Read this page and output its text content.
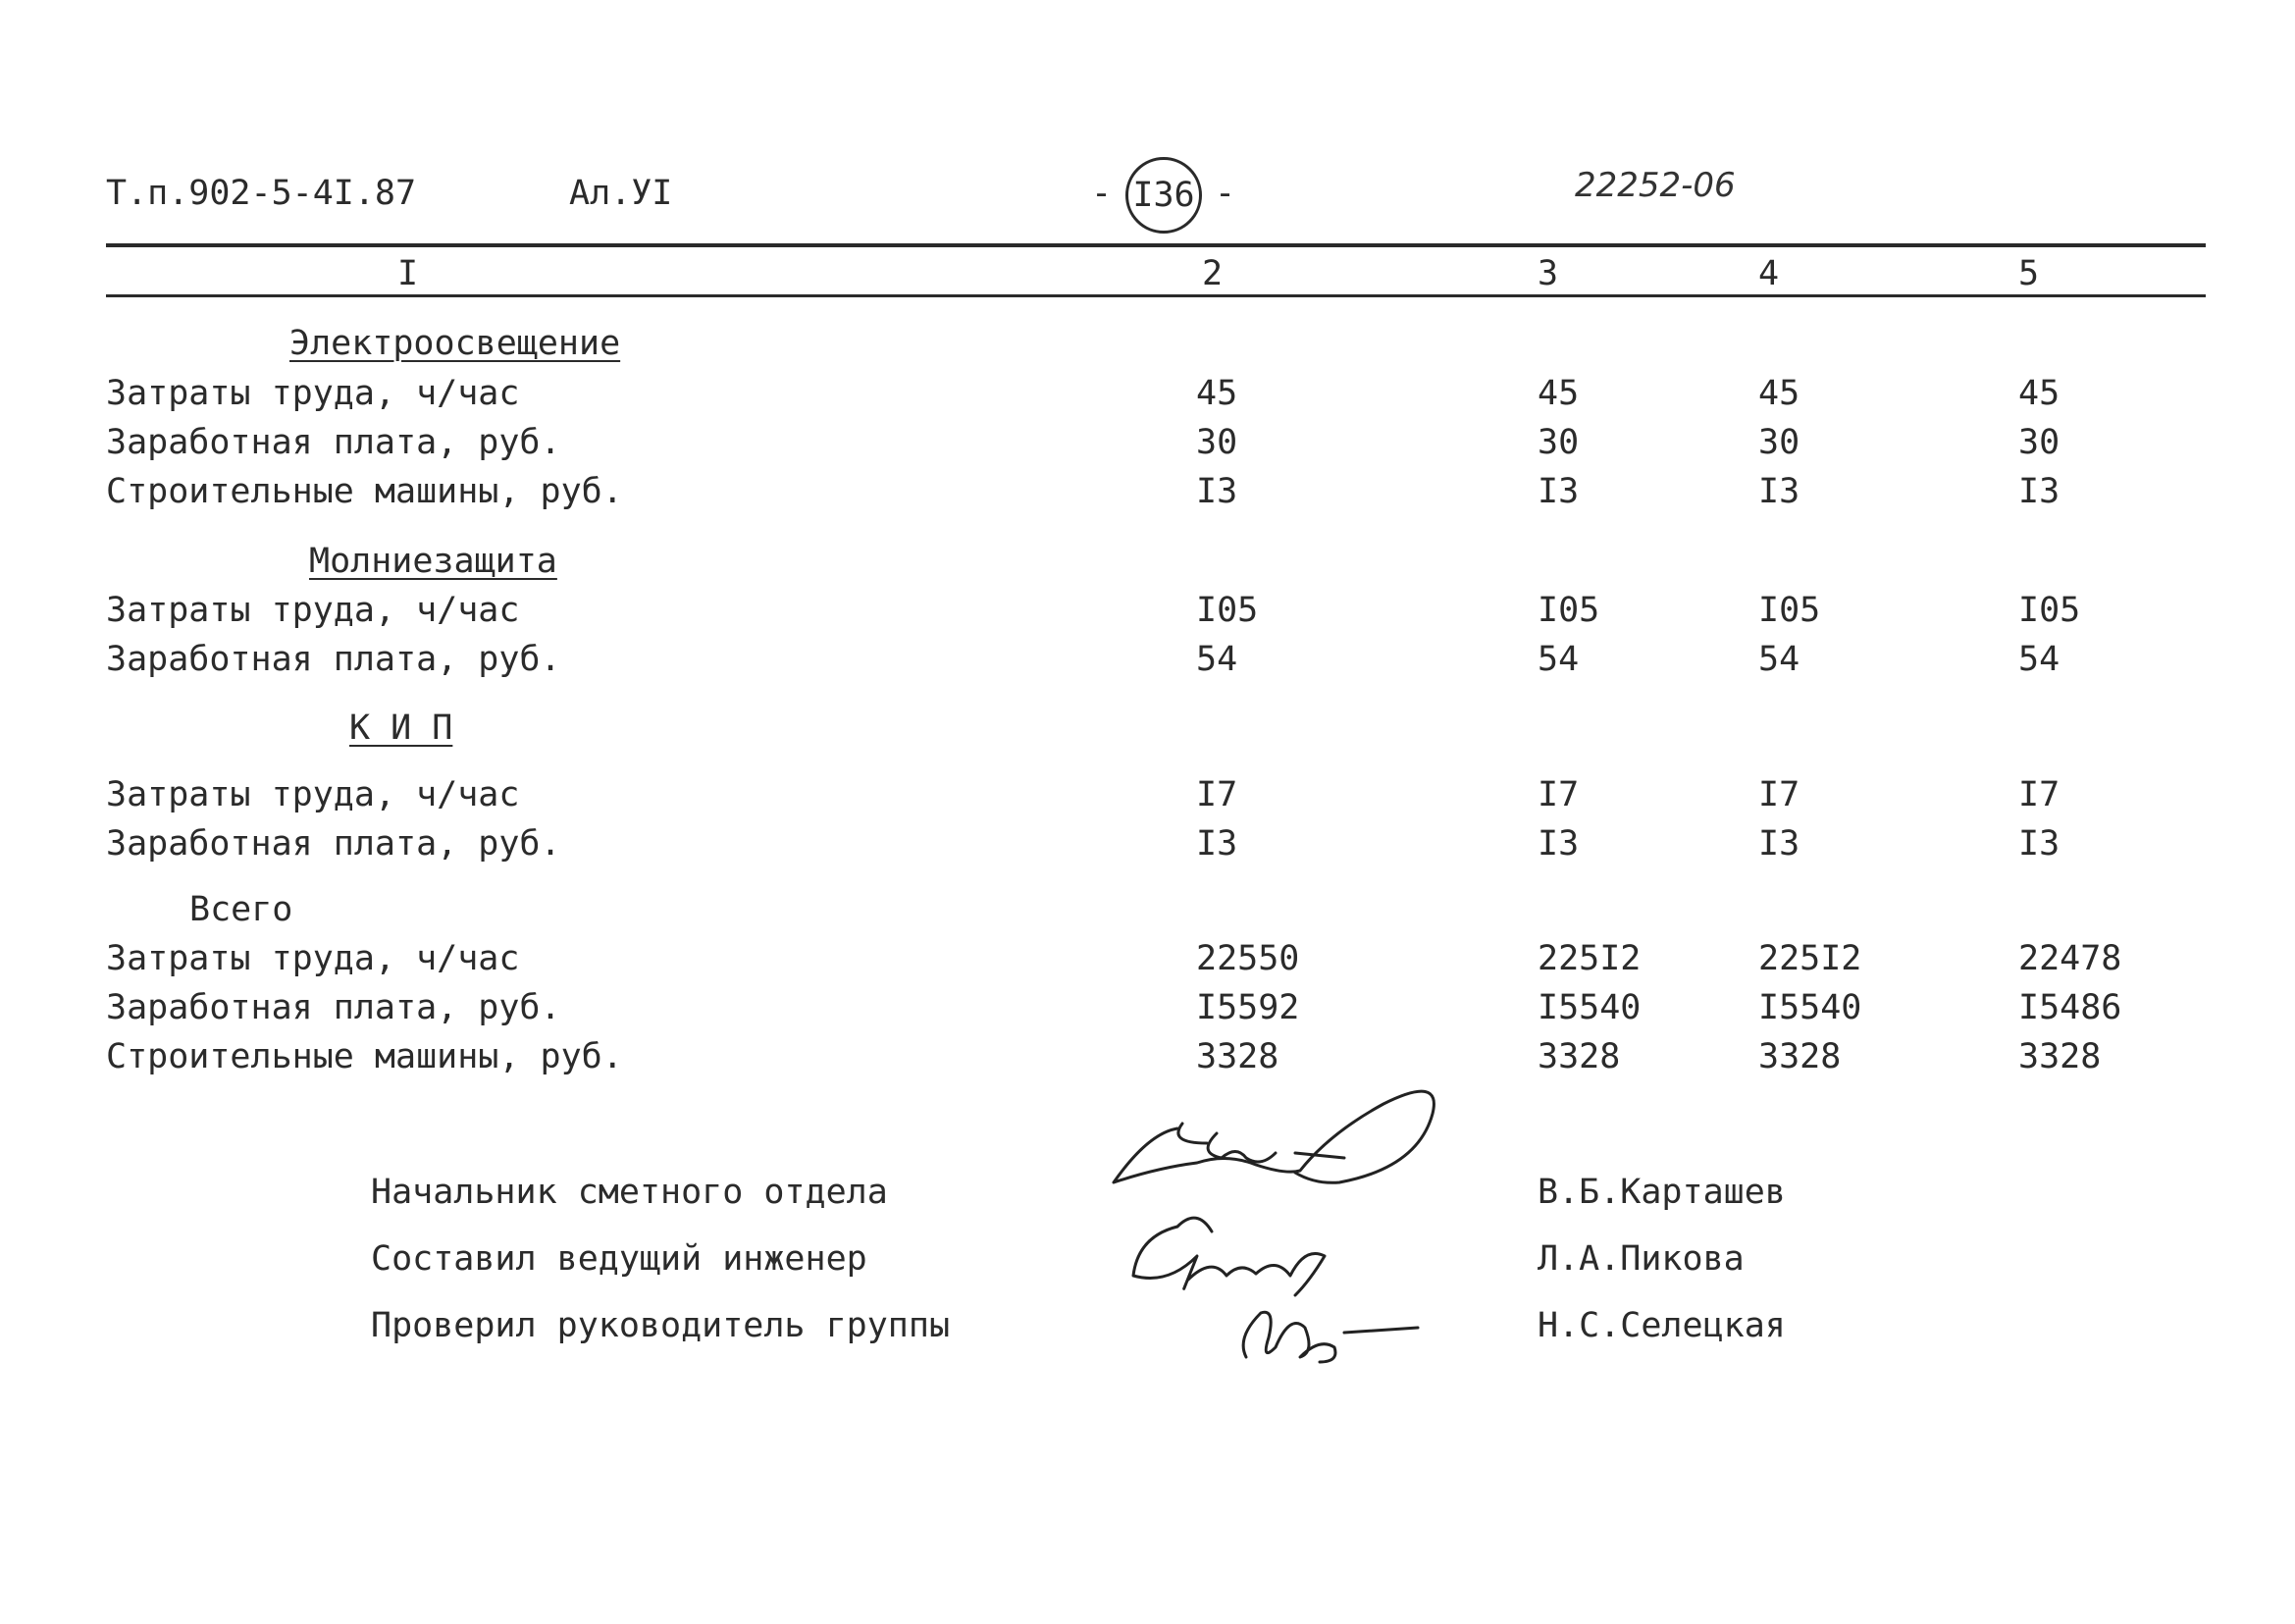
Т.п.902-5-4I.87	Ал.УI	- I36 -	22252-06
I	2	3	4	5
Электроосвещение
Затраты труда, ч/час	45	45	45	45
Заработная плата, руб.	30	30	30	30
Строительные машины, руб.	I3	I3	I3	I3
Молниезащита
Затраты труда, ч/час	I05	I05	I05	I05
Заработная плата, руб.	54	54	54	54
К И П
Затраты труда, ч/час	I7	I7	I7	I7
Заработная плата, руб.	I3	I3	I3	I3
Всего
Затраты труда, ч/час	22550	225I2	225I2	22478
Заработная плата, руб.	I5592	I5540	I5540	I5486
Строительные машины, руб.	3328	3328	3328	3328
Начальник сметного отдела	В.Б.Карташев
Составил ведущий инженер	Л.А.Пикова
Проверил руководитель группы	Н.С.Селецкая
